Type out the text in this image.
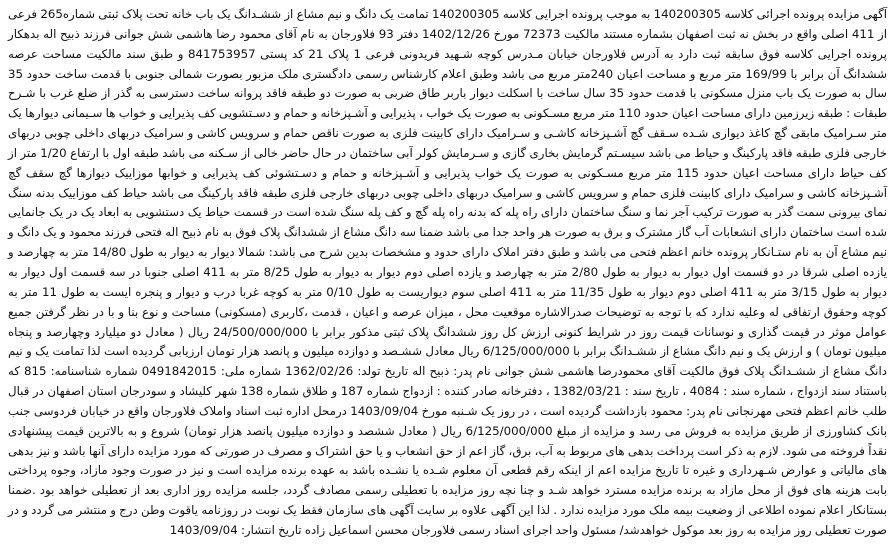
آگهی مزایده پرونده اجرائی کلاسه 140200305 به موجب پرونده اجرایی کلاسه 140200305 تمامت یک دانگ و نیم مشاع از ششـدانگ یک باب خانه تحت پلاک ثبتی شماره265 فرعی از 411 اصلی واقع در بخش نه ثبت اصفهان بشماره مستند مالکیت 72373 مورخ 1402/12/26 دفتر 93 فلاورجان به نام آقای محمود رضا هاشمی شش جوانی فرزند ذبیح اله بدهکار پرونده اجرایی کلاسه فوق سابقه ثبت دارد به آدرس فلاورجان خیابان مـدرس کوچه شـهید فریدونی فرعی 1 پلاک 21 کد پستی 841753957 و طبق سند مالکیت مساحت عرصه ششدانگ آن برابر با 169/99 متر مربع و مساحت اعیان 240متر مربع می باشد وطبق اعلام کارشناس رسمی دادگستری ملک مزبور بصورت شمالی جنوبی با قدمت ساخت حدود 35 سال به صورت یک باب منزل مسکونی با قدمت حدود 35 سال ساخت با اسکلت دیوار باربر طاق ضربی به صورت دو طبقه فاقد پروانه ساخت دسترسی به گذر از ضلع غرب با شـرح طبقات : طبقه زیرزمین دارای مساحت اعیان حدود 110 متر مربع مسـکونی به صورت یک خواب ، پذیرایی و آشـپزخانه و حمام و دسـتشویی کف پذیرایی و خواب ها سـیمانی دیوارها یک متر سـرامیک مابقی گچ کاغذ دیواری شـده سـقف گچ آشـپزخانه کاشـی و سـرامیک دارای کابینت فلزی به صورت ناقص حمام و سرویس کاشی و سرامیک دربهای داخلی چوبی دربهای خارجی فلزی طبقه فاقد پارکینگ و حیاط می باشد سیسـتم گرمایش بخاری گازی و سـرمایش کولر آبی ساختمان در حال حاضر خالی از سـکنه می باشد طبقه اول با ارتفاع 1/20 متر از کف حیاط دارای مساحت اعیان حدود 115 متر مربع مسـکونی به صورت یک خواب پذیرایی و آشـپزخانه و حمام و دسـتشوئی کف پذیرایی و خوابها موزاییک دیوارها گچ سقف گچ آشـپزخانه کاشی و سرامیک دارای کابینت فلزی حمام و سرویس کاشی و سرامیک دربهای داخلی چوبی دربهای خارجی فلزی طبقه فاقد پارکینگ می باشد حیاط کف موزاییک بدنه سنگ نمای بیرونی سمت گذر به صورت ترکیب آجر نما و سنگ ساختمان دارای راه پله که بدنه راه پله گچ و کف پله سنگ شده است در قسمت حیاط یک دستشویی به ابعاد یک در یک جانمایی شده است ساختمان دارای انشعابات آب گاز مشترک و برق به صورت هر واحد جدا می باشد ضمنا سه دانگ مشاع از ششدانگ پلاک فوق به نام ذبیح اله فتحی فرزند محمود و یک دانگ و نیم مشاع آن به نام ستـانکار پرونده خانم اعظم فتحی می باشد و طبق دفتر املاک دارای حدود و مشخصات بدین شرح می باشد: شمالا دیوار به دیوار به طول 14/80 متر به چهارصد و یازده اصلی شرقا در دو قسمت اول دیوار به دیوار به طول 2/80 متر به چهارصد و یازده اصلی دوم دیوار به دیوار به طول 8/25 متر به 411 اصلی جنوبا در سه قسمت اول دیوار به دیوار به طول 3/15 متر به 411 اصلی دوم دیوار به طول 11/35 متر به 411 اصلی سوم دیواریست به طول 0/10 متر به کوچه غربا درب و دیوار و پنجره ایست به طول 11 متر به کوچه وحقوق ارتفاقی له وعلیه ندارد که با توجه به توضیحات صدرالاشاره موقعیت محل ، میزان عرصه و اعیان ، قدمت ،کاربری (مسکونی) مساحت و نوع بنا و با در نظر گرفتن جمیع عوامل موثر در قیمت گذاری و نوسانات قیمت روز در شرایط کنونی ارزش کل روز ششدانگ پلاک ثبتی مذکور برابر با 24/500/000/000 ریال ( معادل دو میلیارد وچهارصد و پنجاه میلیون تومان ) و ارزش یک و نیم دانگ مشاع از ششـدانگ برابر با 6/125/000/000 ریال معادل ششـصد و دوازده میلیون و پانصد هزار تومان ارزیابی گردیده است لذا تمامت یک و نیم دانگ مشاع از ششـدانگ پلاک فوق مالکیت آقای محمودرضا هاشمی شش جوانی نام پدر: ذبیح اله تاریخ تولد: 1362/02/26 شماره ملی: 0491842015 شماره شناسنامه: 815 که باستناد سند ازدواج ، شماره سند : 4084 ، تاریخ سند : 1382/03/21 ، دفترخانه صادر کننده : ازدواج شماره 187 و طلاق شماره 138 شهر کلیشاد و سودرجان استان اصفهان در قبال طلب خانم اعظم فتحی مهرنجانی نام پدر: محمود بازداشت گردیده است ، در روز یک شـنبه مورخ 1403/09/04 درمحل اداره ثبت اسناد واملاک فلاورجان واقع در خیابان فردوسی جنب بانک کشاورزی از طریق مزایده به فروش می رسد و مزایده از مبلغ 6/125/000/000 ریال ( معادل ششصد و دوازده میلیون پانصد هزار تومان) شروع و به بالاترین قیمت پیشنهادی نقداً فروخته می شود. لازم به ذکر است پرداخت بدهی های مربوط به آب، برق، گاز اعم از حق انشعاب و یا حق اشتراک و مصرف در صورتی که مورد مزایده دارای آنها باشد و نیز بدهی های مالیاتی و عوارض شـهرداری و غیره تا تاریخ مزایده اعم از اینکه رقم قطعی آن معلوم شـده یا نشـده باشد به عهده برنده مزایده است و نیز در صورت وجود مازاد، وجوه پرداختی بابت هزینه های فوق از محل مازاد به برنده مزایده مسترد خواهد شـد و چنا نچه روز مزایده با تعطیلی رسمی مصادف گردد، جلسه مزایده روز اداری بعد از تعطیلی خواهد بود .ضمنا بستانکار اعلام نموده اطلاعی از وضعیت بیمه ملک مورد مزایده ندارد . لذا این آگهی علاوه بر سایت آگهی های سازمان فقط یک نوبت در روزنامه یاقوت وطن درج و منتشر می گردد و در صورت تعطیلی روز مزایده به روز بعد موکول خواهدشد/ مسئول واحد اجرای اسناد رسمی فلاورجان محسن اسماعیل زاده تاریخ انتشار: 1403/09/04
